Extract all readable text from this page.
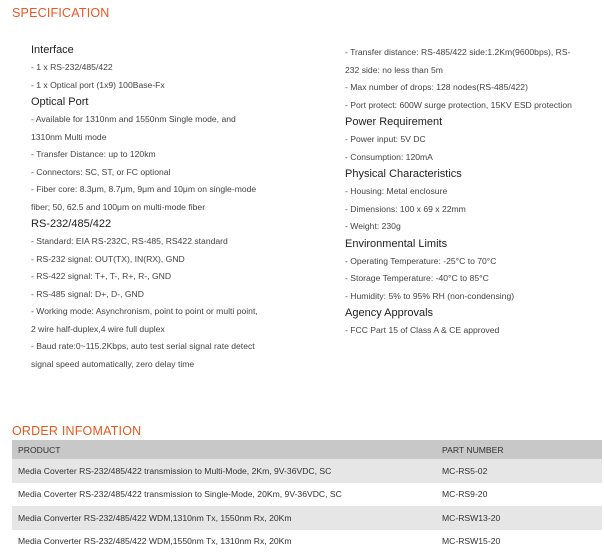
SPECIFICATION
Interface
- 1 x RS-232/485/422
- 1 x Optical port (1x9) 100Base-Fx
Optical Port
- Available for 1310nm and 1550nm Single mode, and
1310nm Multi mode
- Transfer Distance: up to 120km
- Connectors: SC, ST, or FC optional
- Fiber core: 8.3μm, 8.7μm, 9μm and 10μm on single-mode
fiber; 50, 62.5 and 100μm on multi-mode fiber
RS-232/485/422
- Standard: EIA RS-232C, RS-485, RS422 standard
- RS-232 signal: OUT(TX), IN(RX), GND
- RS-422 signal: T+, T-, R+, R-, GND
- RS-485 signal: D+, D-, GND
- Working mode: Asynchronism, point to point or multi point,
2 wire half-duplex,4 wire full duplex
- Baud rate:0~115.2Kbps, auto test serial signal rate detect
signal speed automatically, zero delay time
- Transfer distance: RS-485/422 side:1.2Km(9600bps), RS-
232 side: no less than 5m
- Max number of drops: 128 nodes(RS-485/422)
- Port protect: 600W surge protection, 15KV ESD protection
Power Requirement
- Power input: 5V DC
- Consumption: 120mA
Physical Characteristics
- Housing: Metal enclosure
- Dimensions: 100 x 69 x 22mm
- Weight: 230g
Environmental Limits
- Operating Temperature: -25°C to 70°C
- Storage Temperature: -40°C to 85°C
- Humidity: 5% to 95% RH (non-condensing)
Agency Approvals
- FCC Part 15 of Class A & CE approved
ORDER INFOMATION
PRODUCT	PART NUMBER
Media Coverter RS-232/485/422 transmission to Multi-Mode, 2Km, 9V-36VDC, SC	MC-RS5-02
Media Coverter RS-232/485/422 transmission to Single-Mode, 20Km, 9V-36VDC, SC	MC-RS9-20
Media Converter RS-232/485/422 WDM,1310nm Tx, 1550nm Rx, 20Km	MC-RSW13-20
Media Converter RS-232/485/422 WDM,1550nm Tx, 1310nm Rx, 20Km	MC-RSW15-20
